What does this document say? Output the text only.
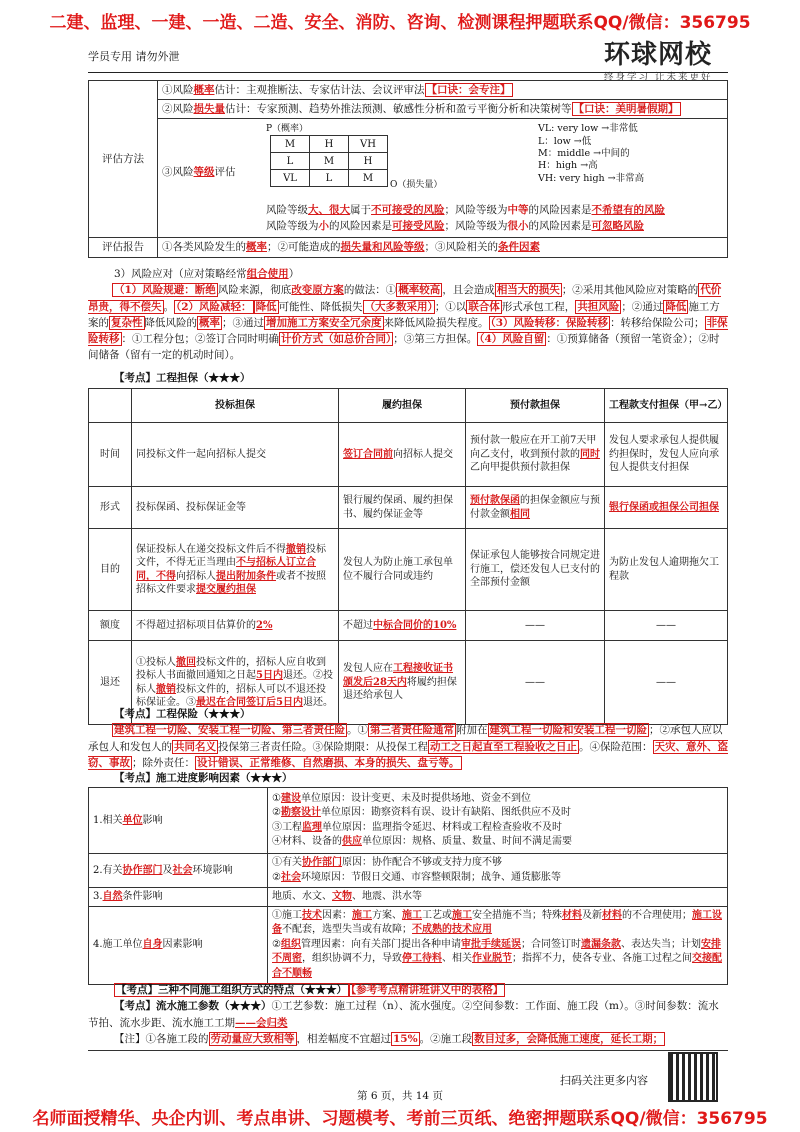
二建、监理、一建、一造、二造、安全、消防、咨询、检测课程押题联系QQ/微信：356795
学员专用 请勿外泄	环球网校
终身学习 让未来更好
评估方法	①风险概率估计：主观推断法、专家估计法、会议评审法 【口诀：会专注】
②风险损失量估计：专家预测、趋势外推法预测、敏感性分析和盈亏平衡分析和决策树等 【口诀：美明暑假期】

③风险等级评估
P（概率）
M	H	VH
L	M	H
VL	L	M
O（损失量）
VL: very low →非常低
L：low →低
M：middle →中间的
H：high →高
VH: very high →非常高
风险等级大、很大属于不可接受的风险；风险等级为中等的风险因素是不希望有的风险
风险等级为小的风险因素是可接受风险；风险等级为很小的风险因素是可忽略风险

评估报告	①各类风险发生的概率；②可能造成的损失量和风险等级；③风险相关的条件因素
3）风险应对（应对策略经常组合使用）
（1）风险规避：断绝 风险来源，彻底改变原方案的做法：① 概率较高 ，且会造成 相当大的损失 ；②采用其他风险应对策略的 代价昂贵，得不偿失 。 （2）风险减轻： 降低 可能性、降低损失 （大多数采用） ；①以 联合体 形式承包工程， 共担风险 ；②通过 降低 施工方案的 复杂性 降低风险的 概率 ；③通过 增加施工方案安全冗余度 来降低风险损失程度。 （3）风险转移：保险转移 ：转移给保险公司； 非保险转移 ：①工程分包；②签订合同时明确 计价方式（如总价合同） ；③第三方担保。 （4）风险自留 ：①预算储备（预留一笔资金）；②时间储备（留有一定的机动时间）。
【考点】工程担保（★★★）
	投标担保	履约担保	预付款担保	工程款支付担保（甲→乙）
时间	同投标文件一起向招标人提交	签订合同前向招标人提交	预付款一般应在开工前7天甲向乙支付，收到预付款的同时乙向甲提供预付款担保	发包人要求承包人提供履约担保时，发包人应向承包人提供支付担保
形式	投标保函、投标保证金等	银行履约保函、履约担保书、履约保证金等	预付款保函的担保金额应与预付款金额相同	银行保函或担保公司担保
目的	保证投标人在递交投标文件后不得撤销投标文件，不得无正当理由不与招标人订立合同，不得向招标人提出附加条件或者不按照招标文件要求提交履约担保	发包人为防止施工承包单位不履行合同或违约	保证承包人能够按合同规定进行施工，偿还发包人已支付的全部预付金额	为防止发包人逾期拖欠工程款
额度	不得超过招标项目估算价的2%	不超过中标合同价的10%	——	——
退还	①投标人撤回投标文件的，招标人应自收到投标人书面撤回通知之日起5日内退还。②投标人撤销投标文件的，招标人可以不退还投标保证金。③最迟在合同签订后5日内退还。	发包人应在工程接收证书颁发后28天内将履约担保退还给承包人	——	——
【考点】工程保险（★★★）
建筑工程一切险、安装工程一切险、第三者责任险 。① 第三者责任险通常 附加在 建筑工程一切险和安装工程一切险 ；②承包人应以承包人和发包人的 共同名义 投保第三者责任险。③保险期限：从投保工程 动工之日起直至工程验收之日止 。④保险范围： 天灾、意外、盗窃、事故 ；除外责任： 设计错误、正常维修、自然磨损、本身的损失、盘亏等。
【考点】施工进度影响因素（★★★）
1.相关单位影响	①建设单位原因：设计变更、未及时提供场地、资金不到位
②勘察设计单位原因：勘察资料有误、设计有缺陷、图纸供应不及时
③工程监理单位原因：监理指令延迟、材料或工程检查验收不及时
④材料、设备的供应单位原因：规格、质量、数量、时间不满足需要

2.有关协作部门及社会环境影响	①有关协作部门原因：协作配合不够或支持力度不够
②社会环境原因：节假日交通、市容整顿限制；战争、通货膨胀等

3.自然条件影响	地质、水文、文物、地震、洪水等
4.施工单位自身因素影响	①施工技术因素：施工方案、施工工艺或施工安全措施不当；特殊材料及新材料的不合理使用；施工设备不配套，选型失当或有故障；不成熟的技术应用
②组织管理因素：向有关部门提出各种申请审批手续延误；合同签订时遗漏条款、表达失当；计划安排不周密，组织协调不力，导致停工待料、相关作业脱节；指挥不力，使各专业、各施工过程之间交接配合不顺畅
【考点】三种不同施工组织方式的特点（★★★） 【参考考点精讲班讲义中的表格】
【考点】流水施工参数（★★★）①工艺参数：施工过程（n）、流水强度。②空间参数：工作面、施工段（m）。③时间参数：流水节拍、流水步距、流水施工工期——会归类
【注】①各施工段的 劳动量应大致相等 ，相差幅度不宜超过 15% 。②施工段 数目过多，会降低施工速度，延长工期；
扫码关注更多内容
第 6 页，共 14 页
名师面授精华、央企内训、考点串讲、习题模考、考前三页纸、绝密押题联系QQ/微信：356795
